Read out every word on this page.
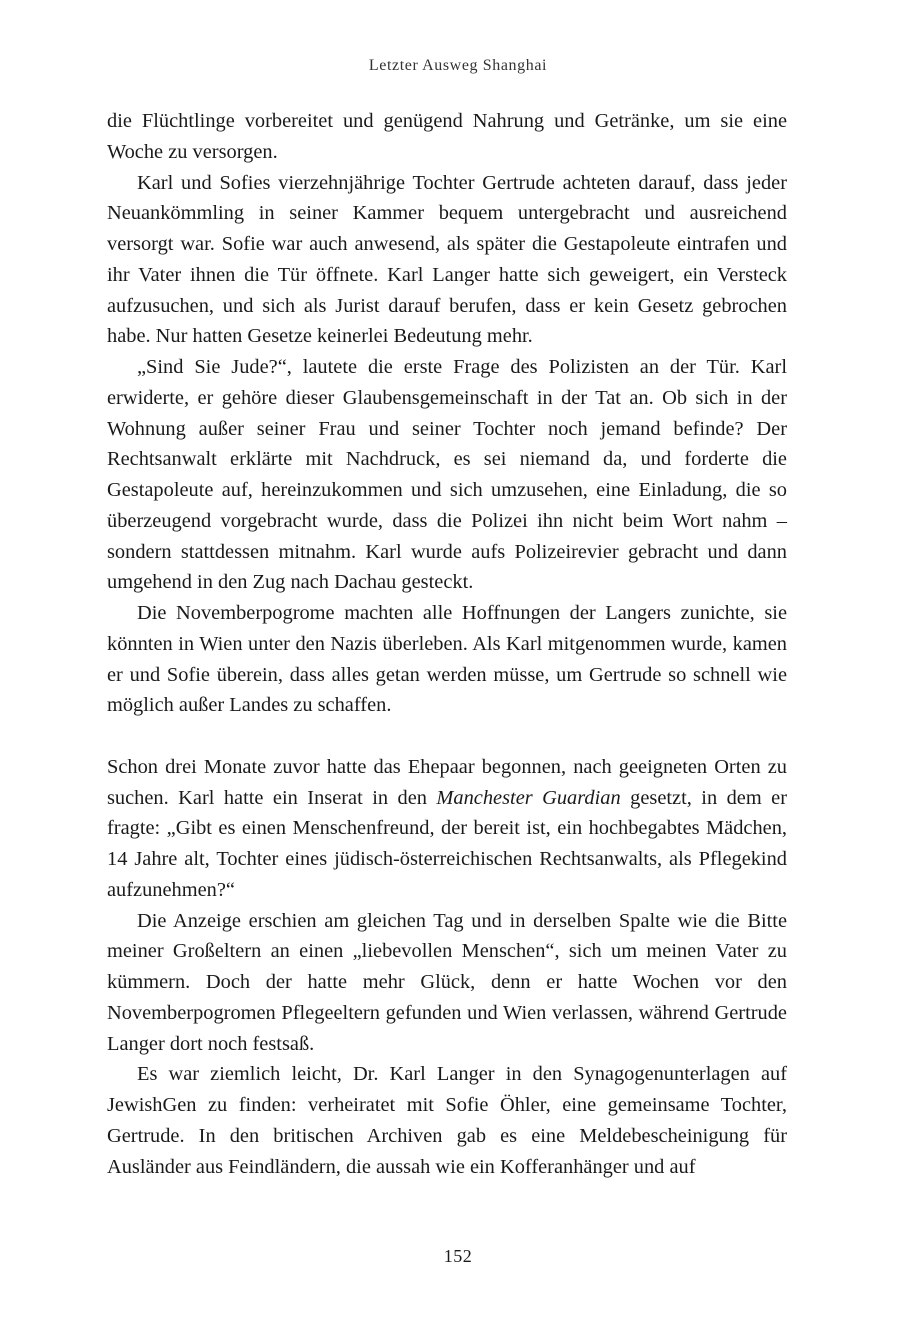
Letzter Ausweg Shanghai

die Flüchtlinge vorbereitet und genügend Nahrung und Getränke, um sie eine Woche zu versorgen.

Karl und Sofies vierzehnjährige Tochter Gertrude achteten darauf, dass jeder Neuankömmling in seiner Kammer bequem untergebracht und ausreichend versorgt war. Sofie war auch anwesend, als später die Gestapoleute eintrafen und ihr Vater ihnen die Tür öffnete. Karl Langer hatte sich geweigert, ein Versteck aufzusuchen, und sich als Jurist darauf berufen, dass er kein Gesetz gebrochen habe. Nur hatten Gesetze keinerlei Bedeutung mehr.

„Sind Sie Jude?“, lautete die erste Frage des Polizisten an der Tür. Karl erwiderte, er gehöre dieser Glaubensgemeinschaft in der Tat an. Ob sich in der Wohnung außer seiner Frau und seiner Tochter noch jemand befinde? Der Rechtsanwalt erklärte mit Nachdruck, es sei niemand da, und forderte die Gestapoleute auf, hereinzukommen und sich umzusehen, eine Einladung, die so überzeugend vorgebracht wurde, dass die Polizei ihn nicht beim Wort nahm – sondern stattdessen mitnahm. Karl wurde aufs Polizeirevier gebracht und dann umgehend in den Zug nach Dachau gesteckt.

Die Novemberpogrome machten alle Hoffnungen der Langers zunichte, sie könnten in Wien unter den Nazis überleben. Als Karl mitgenommen wurde, kamen er und Sofie überein, dass alles getan werden müsse, um Gertrude so schnell wie möglich außer Landes zu schaffen.

Schon drei Monate zuvor hatte das Ehepaar begonnen, nach geeigneten Orten zu suchen. Karl hatte ein Inserat in den Manchester Guardian gesetzt, in dem er fragte: „Gibt es einen Menschenfreund, der bereit ist, ein hochbegabtes Mädchen, 14 Jahre alt, Tochter eines jüdisch-österreichischen Rechtsanwalts, als Pflegekind aufzunehmen?“

Die Anzeige erschien am gleichen Tag und in derselben Spalte wie die Bitte meiner Großeltern an einen „liebevollen Menschen“, sich um meinen Vater zu kümmern. Doch der hatte mehr Glück, denn er hatte Wochen vor den Novemberpogromen Pflegeeltern gefunden und Wien verlassen, während Gertrude Langer dort noch festsaß.

Es war ziemlich leicht, Dr. Karl Langer in den Synagogenunterlagen auf JewishGen zu finden: verheiratet mit Sofie Öhler, eine gemeinsame Tochter, Gertrude. In den britischen Archiven gab es eine Meldebescheinigung für Ausländer aus Feindländern, die aussah wie ein Kofferanhänger und auf

152
